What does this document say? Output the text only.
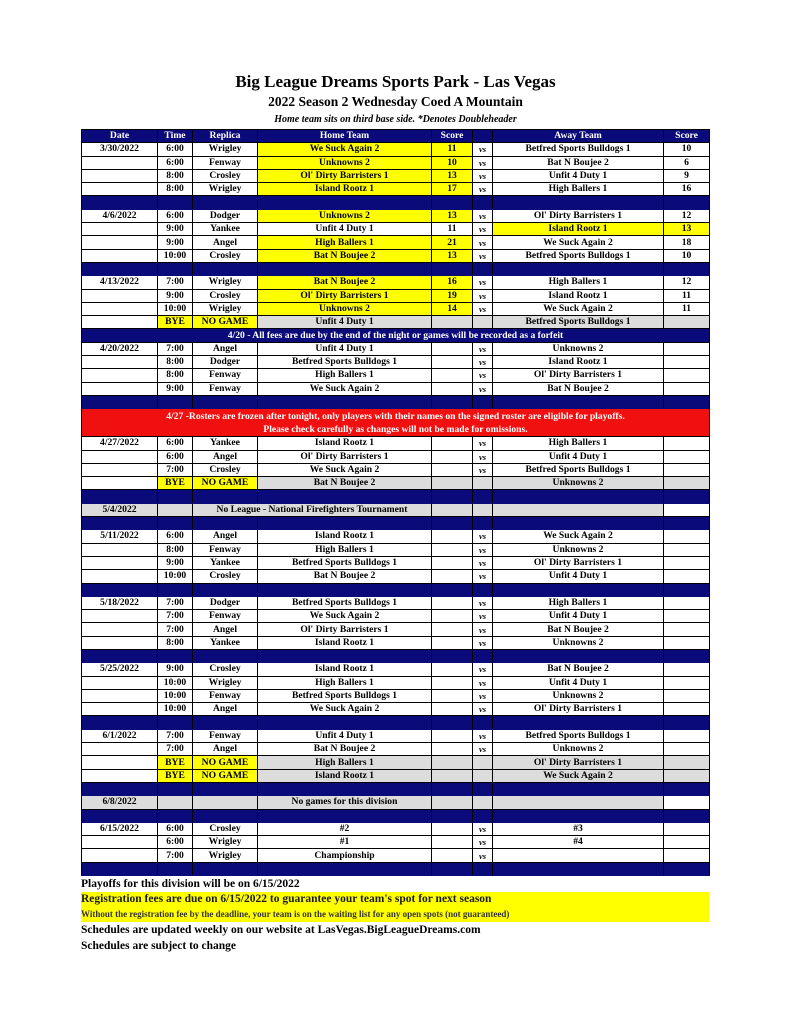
Big League Dreams Sports Park - Las Vegas
2022 Season 2 Wednesday Coed A Mountain
Home team sits on third base side. *Denotes Doubleheader
Date	Time	Replica	Home Team	Score		Away Team	Score
3/30/2022	6:00	Wrigley	We Suck Again 2	11	vs	Betfred Sports Bulldogs 1	10
	6:00	Fenway	Unknowns 2	10	vs	Bat N Boujee 2	6
	8:00	Crosley	Ol' Dirty Barristers 1	13	vs	Unfit 4 Duty 1	9
	8:00	Wrigley	Island Rootz 1	17	vs	High Ballers 1	16

4/6/2022	6:00	Dodger	Unknowns 2	13	vs	Ol' Dirty Barristers 1	12
	9:00	Yankee	Unfit 4 Duty 1	11	vs	Island Rootz 1	13
	9:00	Angel	High Ballers 1	21	vs	We Suck Again 2	18
	10:00	Crosley	Bat N Boujee 2	13	vs	Betfred Sports Bulldogs 1	10

4/13/2022	7:00	Wrigley	Bat N Boujee 2	16	vs	High Ballers 1	12
	9:00	Crosley	Ol' Dirty Barristers 1	19	vs	Island Rootz 1	11
	10:00	Wrigley	Unknowns 2	14	vs	We Suck Again 2	11
	BYE	NO GAME	Unfit 4 Duty 1			Betfred Sports Bulldogs 1	
4/20 - All fees are due by the end of the night or games will be recorded as a forfeit							
4/20/2022	7:00	Angel	Unfit 4 Duty 1		vs	Unknowns 2	
	8:00	Dodger	Betfred Sports Bulldogs 1		vs	Island Rootz 1	
	8:00	Fenway	High Ballers 1		vs	Ol' Dirty Barristers 1	
	9:00	Fenway	We Suck Again 2		vs	Bat N Boujee 2	

4/27 -Rosters are frozen after tonight, only players with their names on the signed roster are eligible for playoffs.
Please check carefully as changes will not be made for omissions.							

4/27/2022	6:00	Yankee	Island Rootz 1		vs	High Ballers 1	
	6:00	Angel	Ol' Dirty Barristers 1		vs	Unfit 4 Duty 1	
	7:00	Crosley	We Suck Again 2		vs	Betfred Sports Bulldogs 1	
	BYE	NO GAME	Bat N Boujee 2			Unknowns 2	

5/4/2022		No League - National Firefighters Tournament					

5/11/2022	6:00	Angel	Island Rootz 1		vs	We Suck Again 2	
	8:00	Fenway	High Ballers 1		vs	Unknowns 2	
	9:00	Yankee	Betfred Sports Bulldogs 1		vs	Ol' Dirty Barristers 1	
	10:00	Crosley	Bat N Boujee 2		vs	Unfit 4 Duty 1	

5/18/2022	7:00	Dodger	Betfred Sports Bulldogs 1		vs	High Ballers 1	
	7:00	Fenway	We Suck Again 2		vs	Unfit 4 Duty 1	
	7:00	Angel	Ol' Dirty Barristers 1		vs	Bat N Boujee 2	
	8:00	Yankee	Island Rootz 1		vs	Unknowns 2	

5/25/2022	9:00	Crosley	Island Rootz 1		vs	Bat N Boujee 2	
	10:00	Wrigley	High Ballers 1		vs	Unfit 4 Duty 1	
	10:00	Fenway	Betfred Sports Bulldogs 1		vs	Unknowns 2	
	10:00	Angel	We Suck Again 2		vs	Ol' Dirty Barristers 1	

6/1/2022	7:00	Fenway	Unfit 4 Duty 1		vs	Betfred Sports Bulldogs 1	
	7:00	Angel	Bat N Boujee 2		vs	Unknowns 2	
	BYE	NO GAME	High Ballers 1			Ol' Dirty Barristers 1	
	BYE	NO GAME	Island Rootz 1			We Suck Again 2	

6/8/2022			No games for this division				

6/15/2022	6:00	Crosley	#2		vs	#3	
	6:00	Wrigley	#1		vs	#4	
	7:00	Wrigley	Championship		vs		

Playoffs for this division will be on 6/15/2022
Registration fees are due on 6/15/2022 to guarantee your team's spot for next season
Without the registration fee by the deadline, your team is on the waiting list for any open spots (not guaranteed)
Schedules are updated weekly on our website at LasVegas.BigLeagueDreams.com
Schedules are subject to change
